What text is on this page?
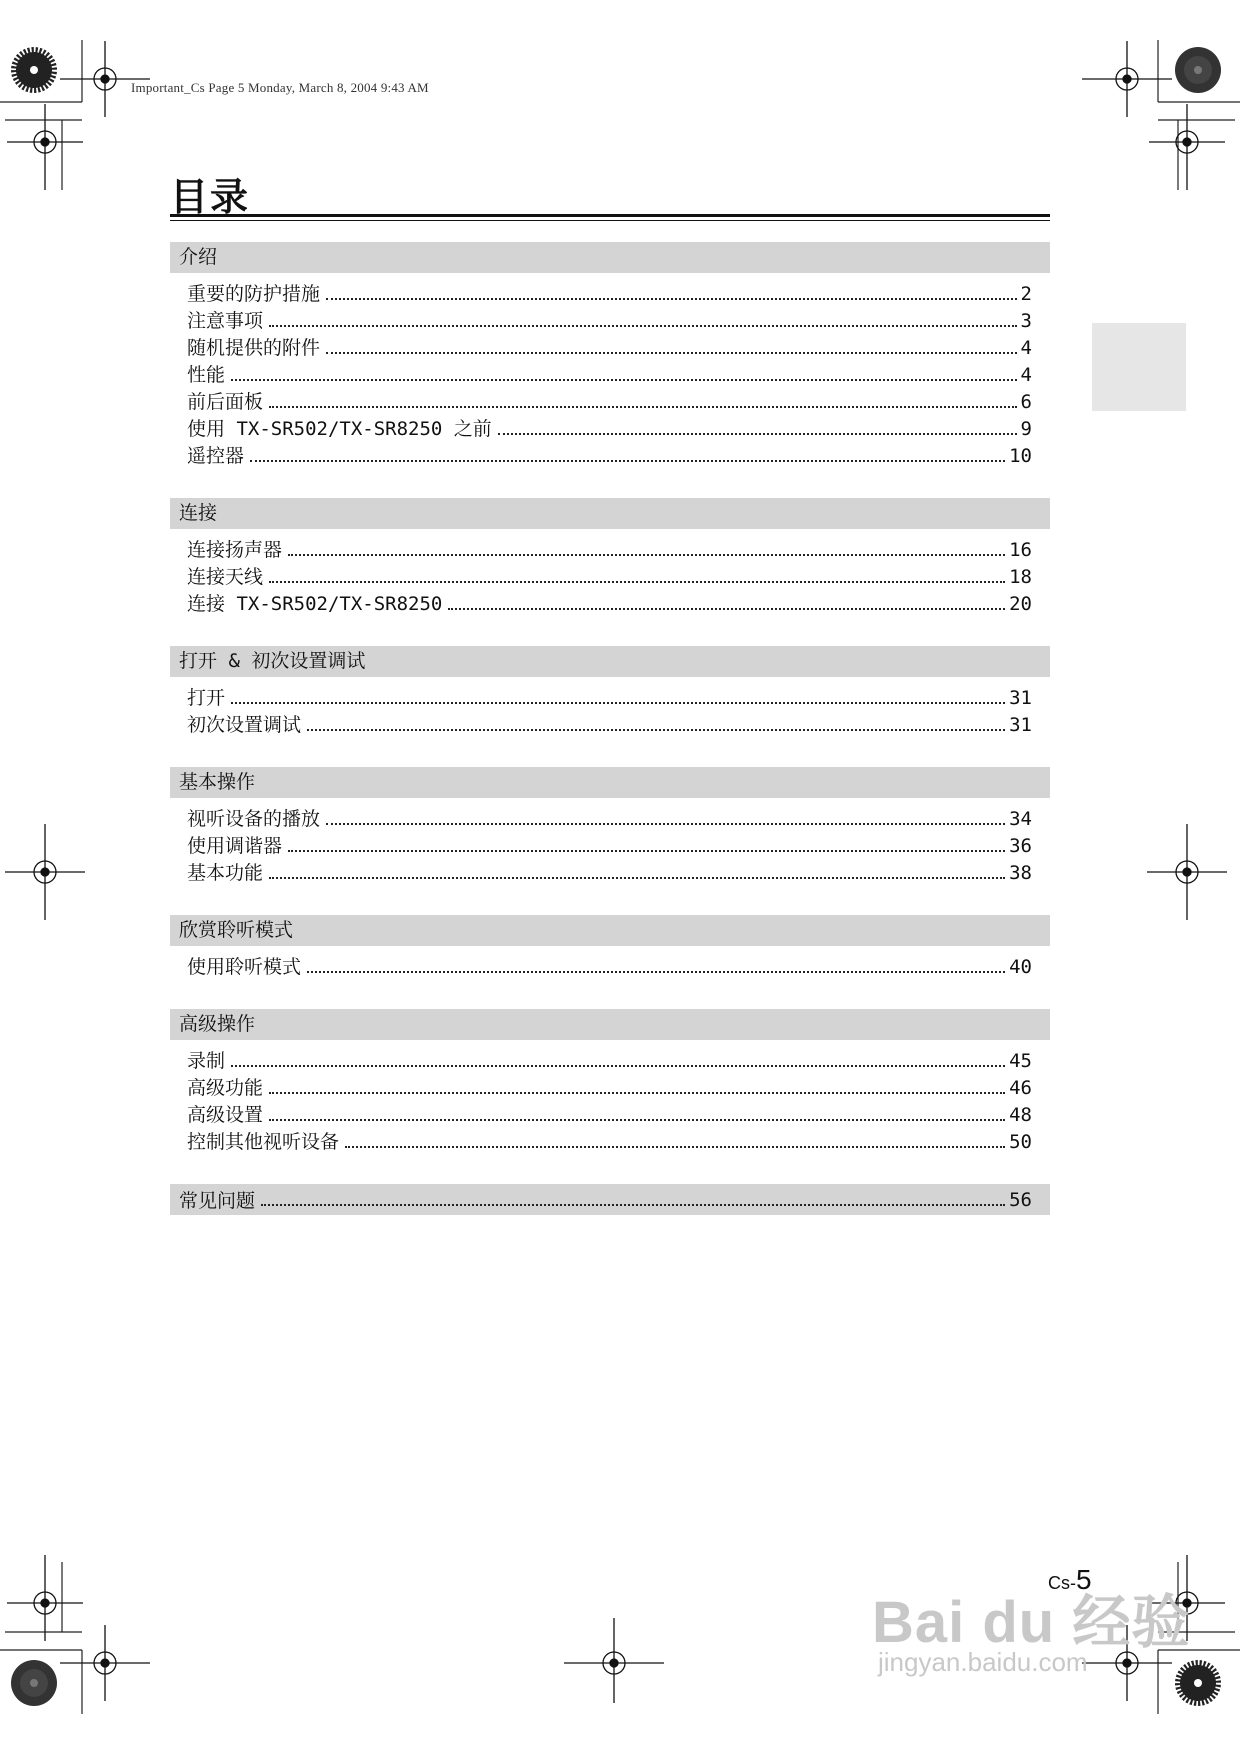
Important_Cs Page 5 Monday, March 8, 2004 9:43 AM
目录
介绍
重要的防护措施	2
注意事项	3
随机提供的附件	4
性能	4
前后面板	6
使用 TX-SR502/TX-SR8250 之前	9
遥控器	10
连接
连接扬声器	16
连接天线	18
连接 TX-SR502/TX-SR8250	20
打开 & 初次设置调试
打开	31
初次设置调试	31
基本操作
视听设备的播放	34
使用调谐器	36
基本功能	38
欣赏聆听模式
使用聆听模式	40
高级操作
录制	45
高级功能	46
高级设置	48
控制其他视听设备	50
常见问题	56
Cs-5
Bai du 经验
jingyan.baidu.com
